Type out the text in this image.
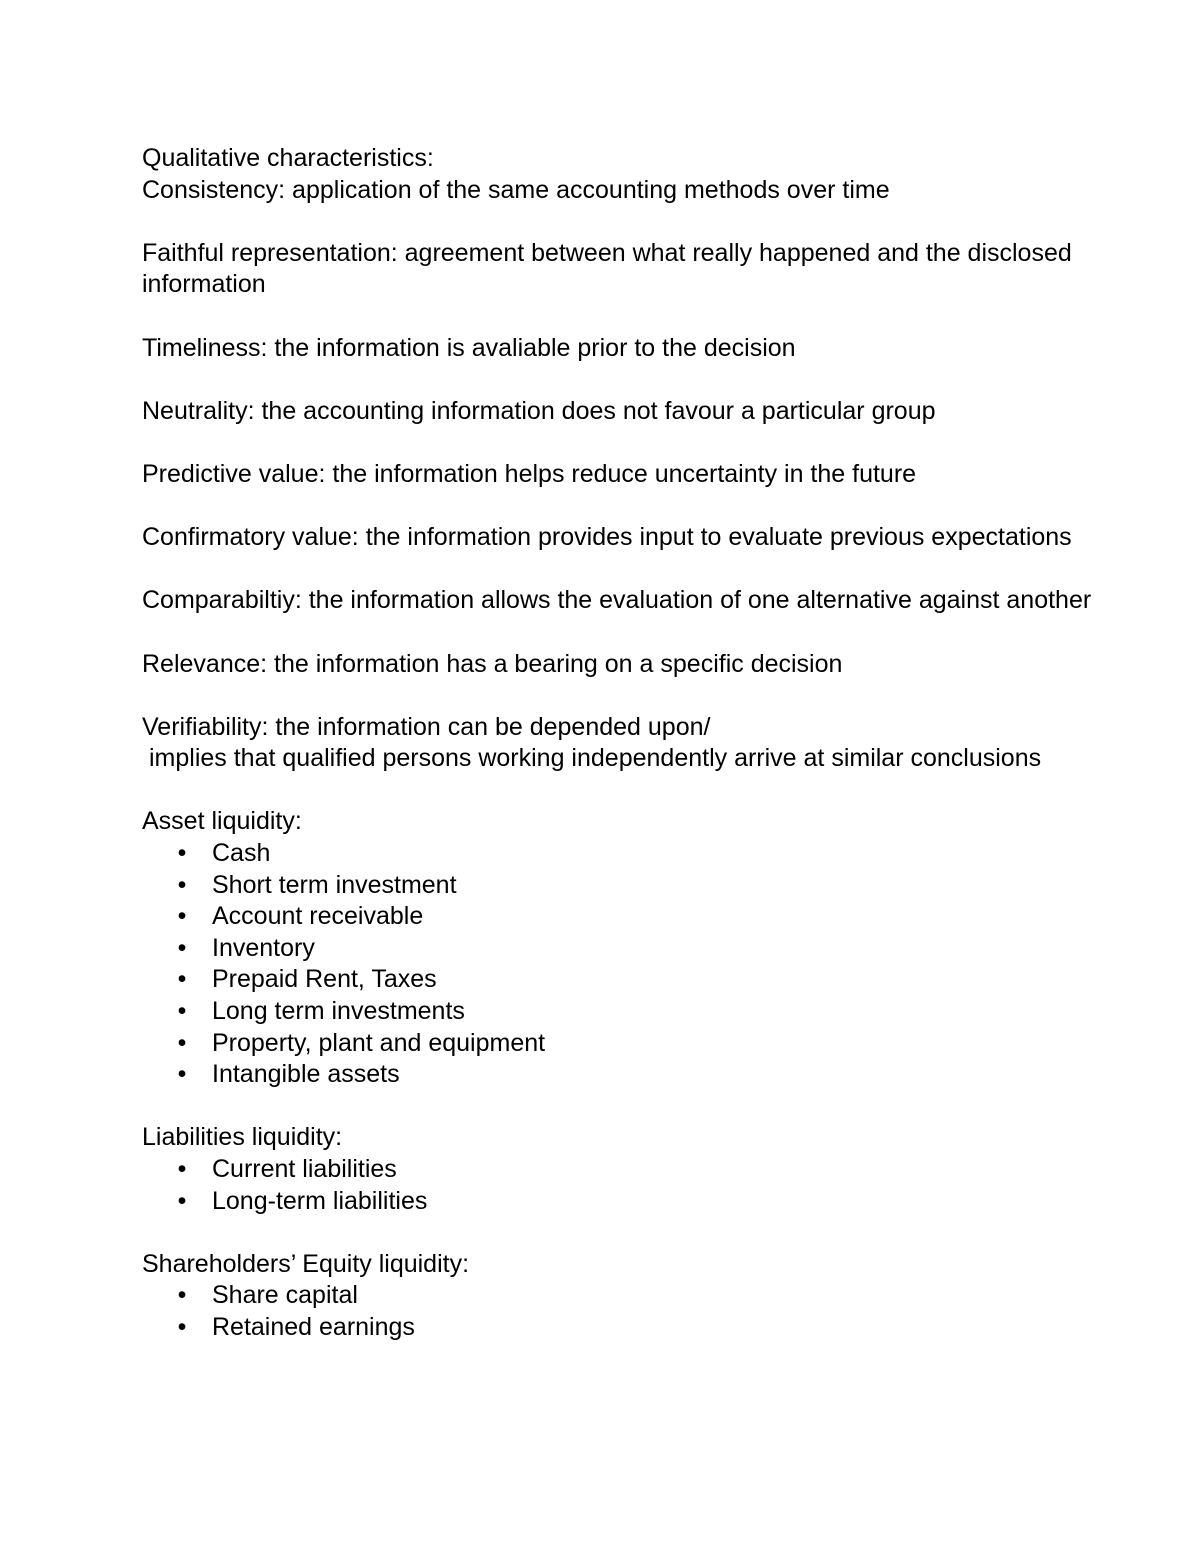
Qualitative characteristics:
Consistency: application of the same accounting methods over time
Faithful representation: agreement between what really happened and the disclosed information
Timeliness: the information is avaliable prior to the decision
Neutrality: the accounting information does not favour a particular group
Predictive value: the information helps reduce uncertainty in the future
Confirmatory value: the information provides input to evaluate previous expectations
Comparabiltiy: the information allows the evaluation of one alternative against another
Relevance: the information has a bearing on a specific decision
Verifiability: the information can be depended upon/
implies that qualified persons working independently arrive at similar conclusions
Asset liquidity:
• Cash
• Short term investment
• Account receivable
• Inventory
• Prepaid Rent, Taxes
• Long term investments
• Property, plant and equipment
• Intangible assets
Liabilities liquidity:
• Current liabilities
• Long-term liabilities
Shareholders’ Equity liquidity:
• Share capital
• Retained earnings
